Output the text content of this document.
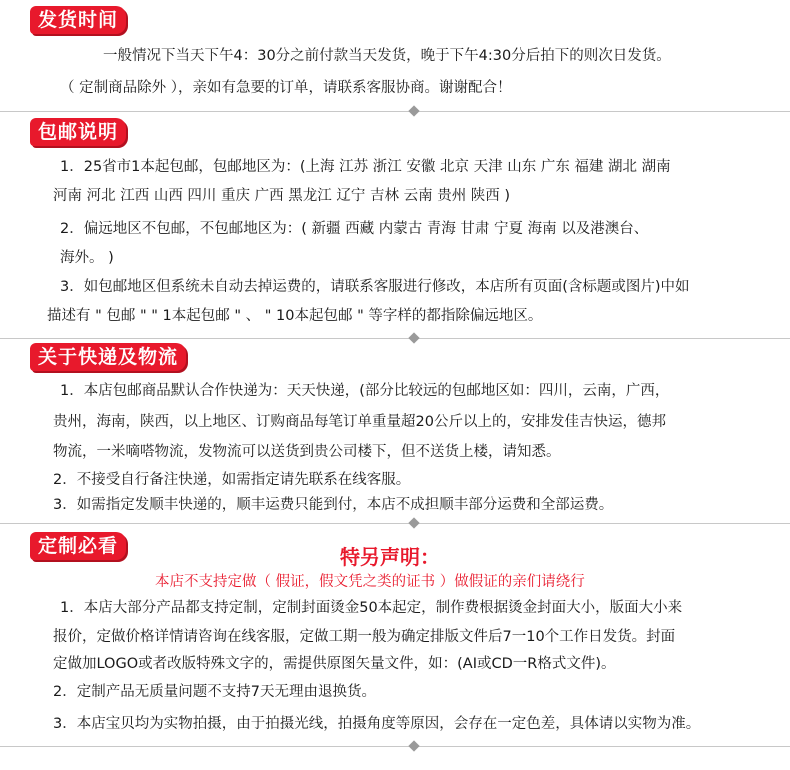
发货时间
一般情况下当天下午4：30分之前付款当天发货，晚于下午4:30分后拍下的则次日发货。
（ 定制商品除外 ），亲如有急要的订单，请联系客服协商。谢谢配合！
包邮说明
1．25省市1本起包邮，包邮地区为：(上海 江苏 浙江 安徽 北京 天津 山东 广东 福建 湖北 湖南
河南 河北 江西 山西 四川 重庆 广西 黑龙江 辽宁 吉林 云南 贵州 陕西 )
2．偏远地区不包邮，不包邮地区为：( 新疆 西藏 内蒙古 青海 甘肃 宁夏 海南 以及港澳台、
海外。 )
3．如包邮地区但系统未自动去掉运费的，请联系客服进行修改，本店所有页面(含标题或图片)中如
描述有 " 包邮 " " 1本起包邮 " 、 " 10本起包邮 " 等字样的都指除偏远地区。
关于快递及物流
1．本店包邮商品默认合作快递为：天天快递，(部分比较远的包邮地区如：四川，云南，广西，
贵州，海南，陕西，以上地区、订购商品每笔订单重量超20公斤以上的，安排发佳吉快运，德邦
物流，一米嘀嗒物流，发物流可以送货到贵公司楼下，但不送货上楼，请知悉。
2．不接受自行备注快递，如需指定请先联系在线客服。
3．如需指定发顺丰快递的，顺丰运费只能到付，本店不成担顺丰部分运费和全部运费。
定制必看	特另声明：
本店不支持定做（ 假证，假文凭之类的证书 ）做假证的亲们请绕行
1．本店大部分产品都支持定制，定制封面烫金50本起定，制作费根据烫金封面大小，版面大小来
报价，定做价格详情请咨询在线客服，定做工期一般为确定排版文件后7一10个工作日发货。封面
定做加LOGO或者改版特殊文字的，需提供原图矢量文件，如：(AI或CD一R格式文件)。
2．定制产品无质量问题不支持7天无理由退换货。
3．本店宝贝均为实物拍摄，由于拍摄光线，拍摄角度等原因，会存在一定色差，具体请以实物为准。
